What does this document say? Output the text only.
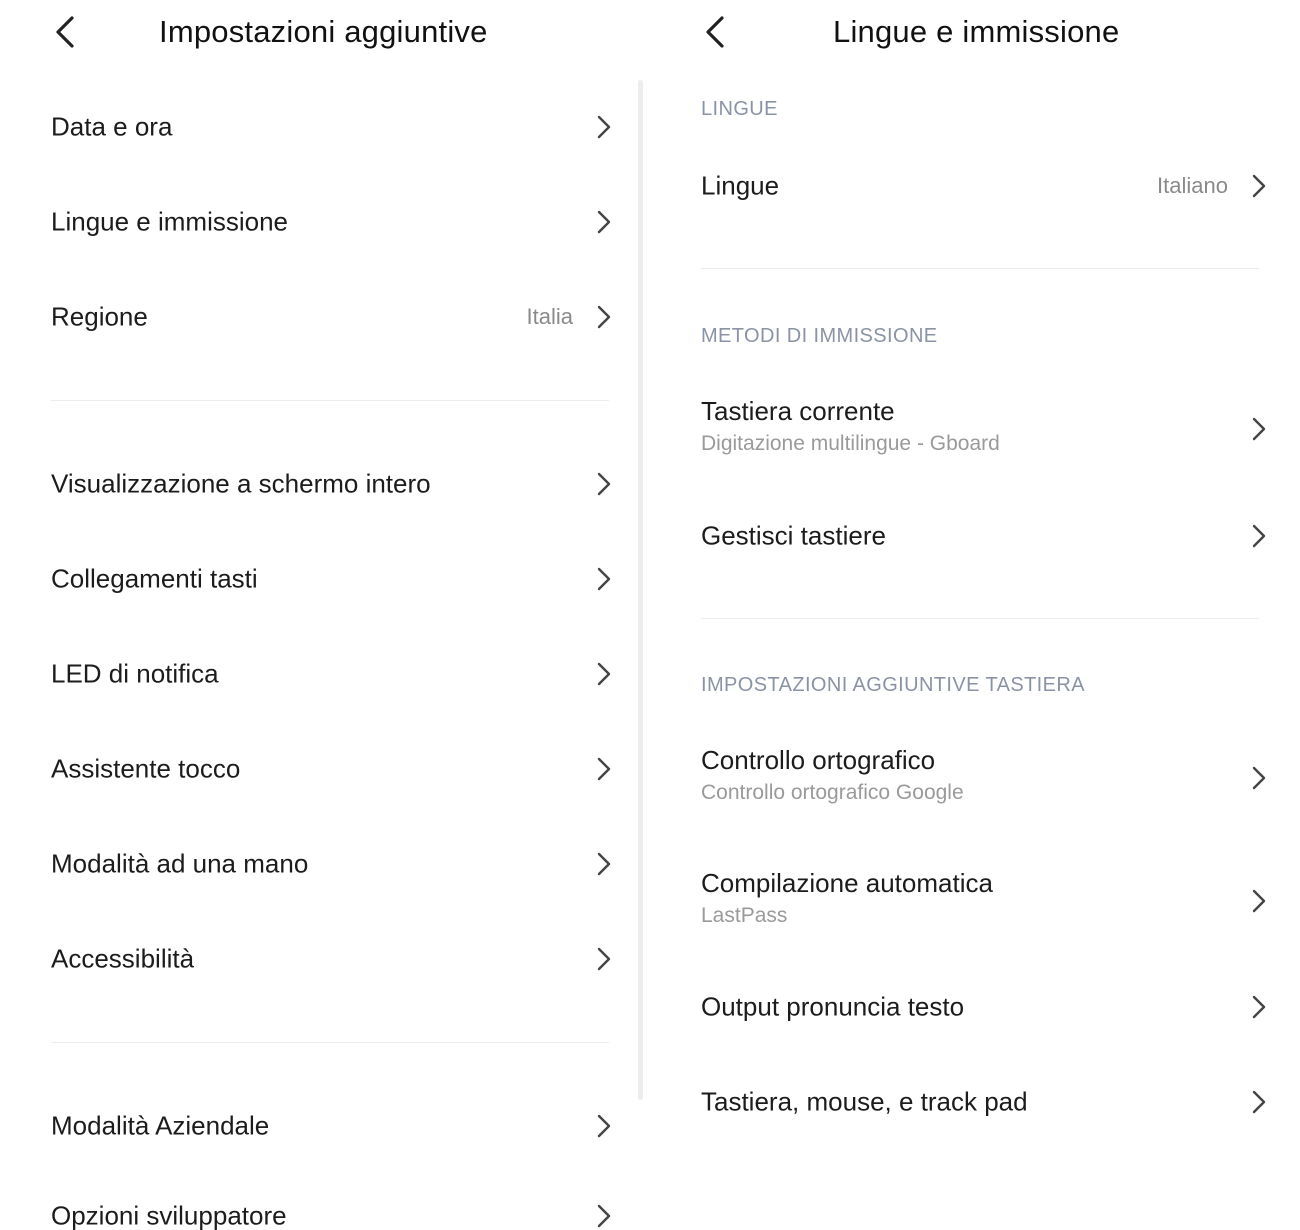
Impostazioni aggiuntive
Data e ora
Lingue e immissione
Regione	Italia
Visualizzazione a schermo intero
Collegamenti tasti
LED di notifica
Assistente tocco
Modalità ad una mano
Accessibilità
Modalità Aziendale
Opzioni sviluppatore
Lingue e immissione
LINGUE
Lingue	Italiano
METODI DI IMMISSIONE
Tastiera corrente
Digitazione multilingue - Gboard
Gestisci tastiere
IMPOSTAZIONI AGGIUNTIVE TASTIERA
Controllo ortografico
Controllo ortografico Google
Compilazione automatica
LastPass
Output pronuncia testo
Tastiera, mouse, e track pad
